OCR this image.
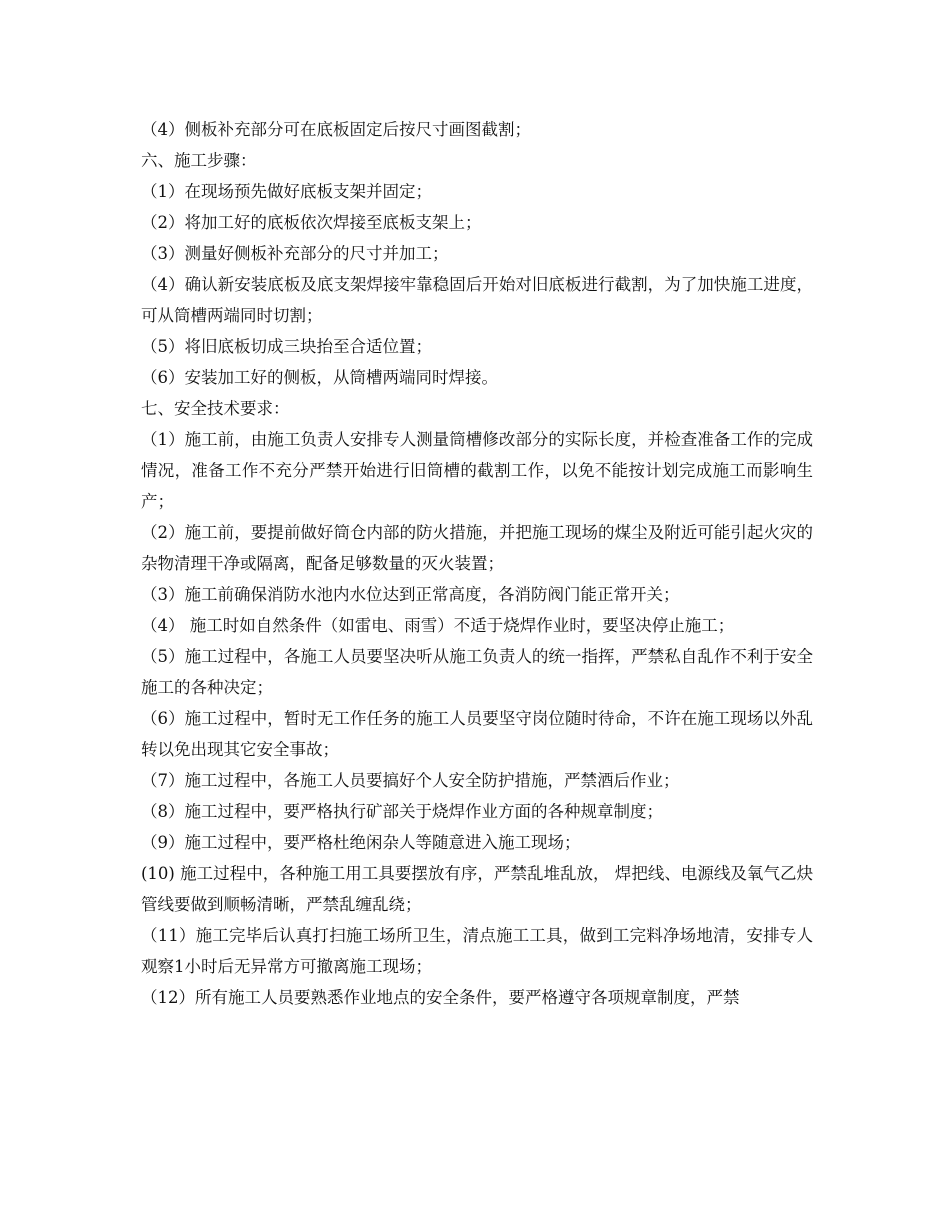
（4）侧板补充部分可在底板固定后按尺寸画图截割；

六、施工步骤：

（1）在现场预先做好底板支架并固定；

（2）将加工好的底板依次焊接至底板支架上；

（3）测量好侧板补充部分的尺寸并加工；

（4）确认新安装底板及底支架焊接牢靠稳固后开始对旧底板进行截割，为了加快施工进度，可从筒槽两端同时切割；

（5）将旧底板切成三块抬至合适位置；

（6）安装加工好的侧板，从筒槽两端同时焊接。

七、安全技术要求：

（1）施工前，由施工负责人安排专人测量筒槽修改部分的实际长度，并检查准备工作的完成情况，准备工作不充分严禁开始进行旧筒槽的截割工作，以免不能按计划完成施工而影响生产；

（2）施工前，要提前做好筒仓内部的防火措施，并把施工现场的煤尘及附近可能引起火灾的杂物清理干净或隔离，配备足够数量的灭火装置；

（3）施工前确保消防水池内水位达到正常高度，各消防阀门能正常开关；

（4） 施工时如自然条件（如雷电、雨雪）不适于烧焊作业时，要坚决停止施工；

（5）施工过程中，各施工人员要坚决听从施工负责人的统一指挥，严禁私自乱作不利于安全施工的各种决定；

（6）施工过程中，暂时无工作任务的施工人员要坚守岗位随时待命，不许在施工现场以外乱转以免出现其它安全事故；

（7）施工过程中，各施工人员要搞好个人安全防护措施，严禁酒后作业；

（8）施工过程中，要严格执行矿部关于烧焊作业方面的各种规章制度；

（9）施工过程中，要严格杜绝闲杂人等随意进入施工现场；

(10) 施工过程中，各种施工用工具要摆放有序，严禁乱堆乱放， 焊把线、电源线及氧气乙炔管线要做到顺畅清晰，严禁乱缠乱绕；

（11）施工完毕后认真打扫施工场所卫生，清点施工工具，做到工完料净场地清，安排专人观察1小时后无异常方可撤离施工现场；

（12）所有施工人员要熟悉作业地点的安全条件，要严格遵守各项规章制度，严禁
